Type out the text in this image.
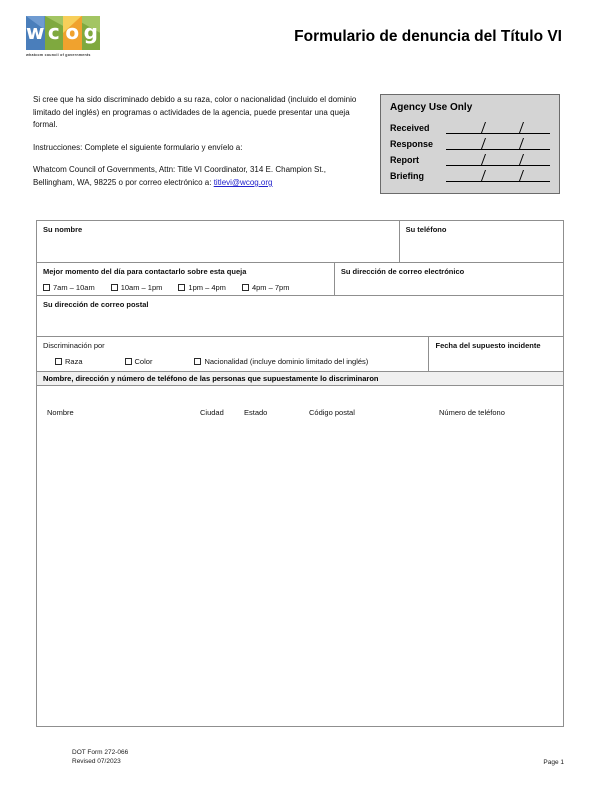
w c o g
whatcom council of governments
Formulario de denuncia del Título VI

Si cree que ha sido discriminado debido a su raza, color o nacionalidad (incluido el dominio limitado del inglés) en programas o actividades de la agencia, puede presentar una queja formal.

Instrucciones: Complete el siguiente formulario y envíelo a:

Whatcom Council of Governments, Attn: Title VI Coordinator, 314 E. Champion St., Bellingham, WA, 98225 o por correo electrónico a: titlevi@wcog.org

Agency Use Only
Received
Response
Report
Briefing
Su nombre	Su teléfono
Mejor momento del día para contactarlo sobre esta queja
7am – 10am	10am – 1pm	1pm – 4pm	4pm – 7pm
Su dirección de correo electrónico
Su dirección de correo postal
Discriminación por
Raza	Color	Nacionalidad (incluye dominio limitado del inglés)
Fecha del supuesto incidente
Nombre, dirección y número de teléfono de las personas que supuestamente lo discriminaron
Nombre	Ciudad	Estado	Código postal	Número de teléfono
DOT Form 272-066
Revised 07/2023	Page 1
